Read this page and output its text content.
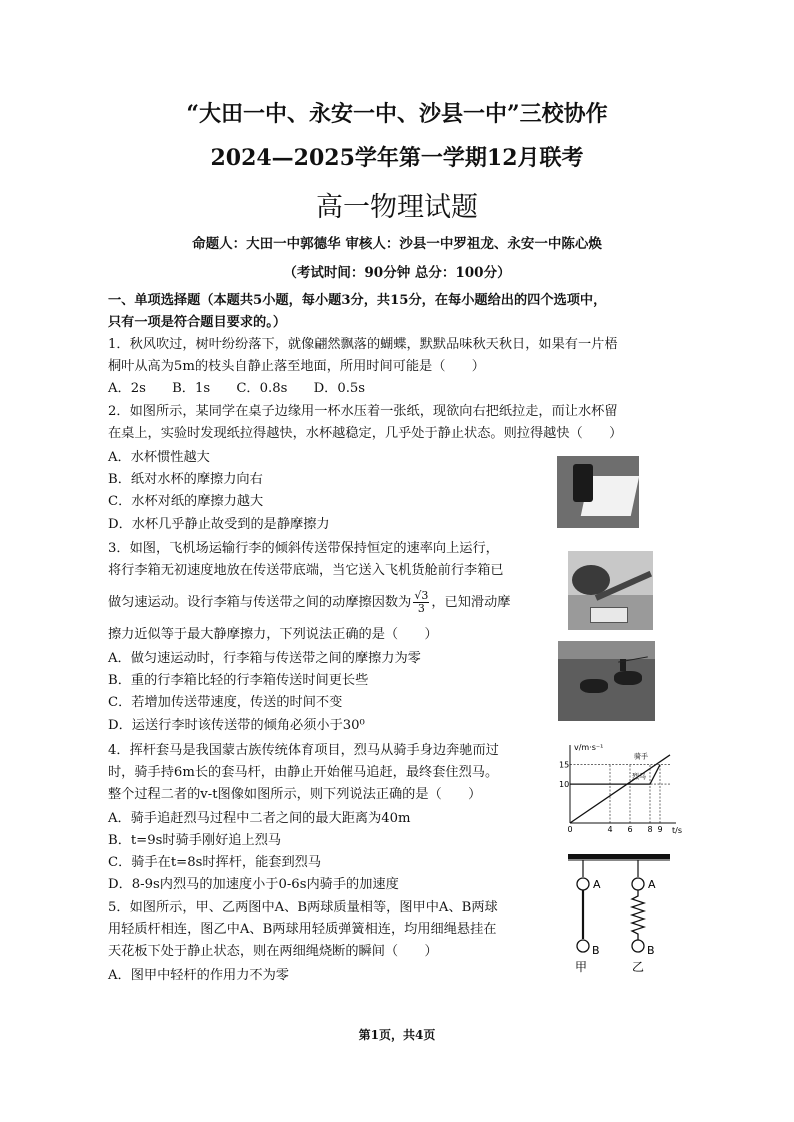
“大田一中、永安一中、沙县一中”三校协作
2024—2025学年第一学期12月联考
高一物理试题
命题人：大田一中郭德华 审核人：沙县一中罗祖龙、永安一中陈心焕
（考试时间：90分钟 总分：100分）
一、单项选择题（本题共5小题，每小题3分，共15分，在每小题给出的四个选项中，
只有一项是符合题目要求的。）
1．秋风吹过，树叶纷纷落下，就像翩然飘落的蝴蝶，默默品味秋天秋日，如果有一片梧
桐叶从高为5m的枝头自静止落至地面，所用时间可能是（　　）
A．2s B．1s C．0.8s D．0.5s
2．如图所示，某同学在桌子边缘用一杯水压着一张纸，现欲向右把纸拉走，而让水杯留
在桌上，实验时发现纸拉得越快，水杯越稳定，几乎处于静止状态。则拉得越快（　　）
A．水杯惯性越大
B．纸对水杯的摩擦力向右
C．水杯对纸的摩擦力越大
D．水杯几乎静止故受到的是静摩擦力
3．如图，飞机场运输行李的倾斜传送带保持恒定的速率向上运行，
将行李箱无初速度地放在传送带底端，当它送入飞机货舱前行李箱已
做匀速运动。设行李箱与传送带之间的动摩擦因数为 $\frac{√3}{3}$ ，已知滑动摩
擦力近似等于最大静摩擦力，下列说法正确的是（　　）
A．做匀速运动时，行李箱与传送带之间的摩擦力为零
B．重的行李箱比轻的行李箱传送时间更长些
C．若增加传送带速度，传送的时间不变
D．运送行李时该传送带的倾角必须小于30⁰
4．挥杆套马是我国蒙古族传统体育项目，烈马从骑手身边奔驰而过
时，骑手持6m长的套马杆，由静止开始催马追赶，最终套住烈马。
整个过程二者的v-t图像如图所示，则下列说法正确的是（　　）
A．骑手追赶烈马过程中二者之间的最大距离为40m
B．t=9s时骑手刚好追上烈马
C．骑手在t=8s时挥杆，能套到烈马
D．8-9s内烈马的加速度小于0-6s内骑手的加速度
5．如图所示，甲、乙两图中A、B两球质量相等，图甲中A、B两球
用轻质杆相连，图乙中A、B两球用轻质弹簧相连，均用细绳悬挂在
天花板下处于静止状态，则在两细绳烧断的瞬间（　　）
A．图甲中轻杆的作用力不为零
v/m·s⁻¹
t/s
15
10
0	4 6 8 9
骑手
烈马
A
B
甲
A
B
乙
第1页，共4页
